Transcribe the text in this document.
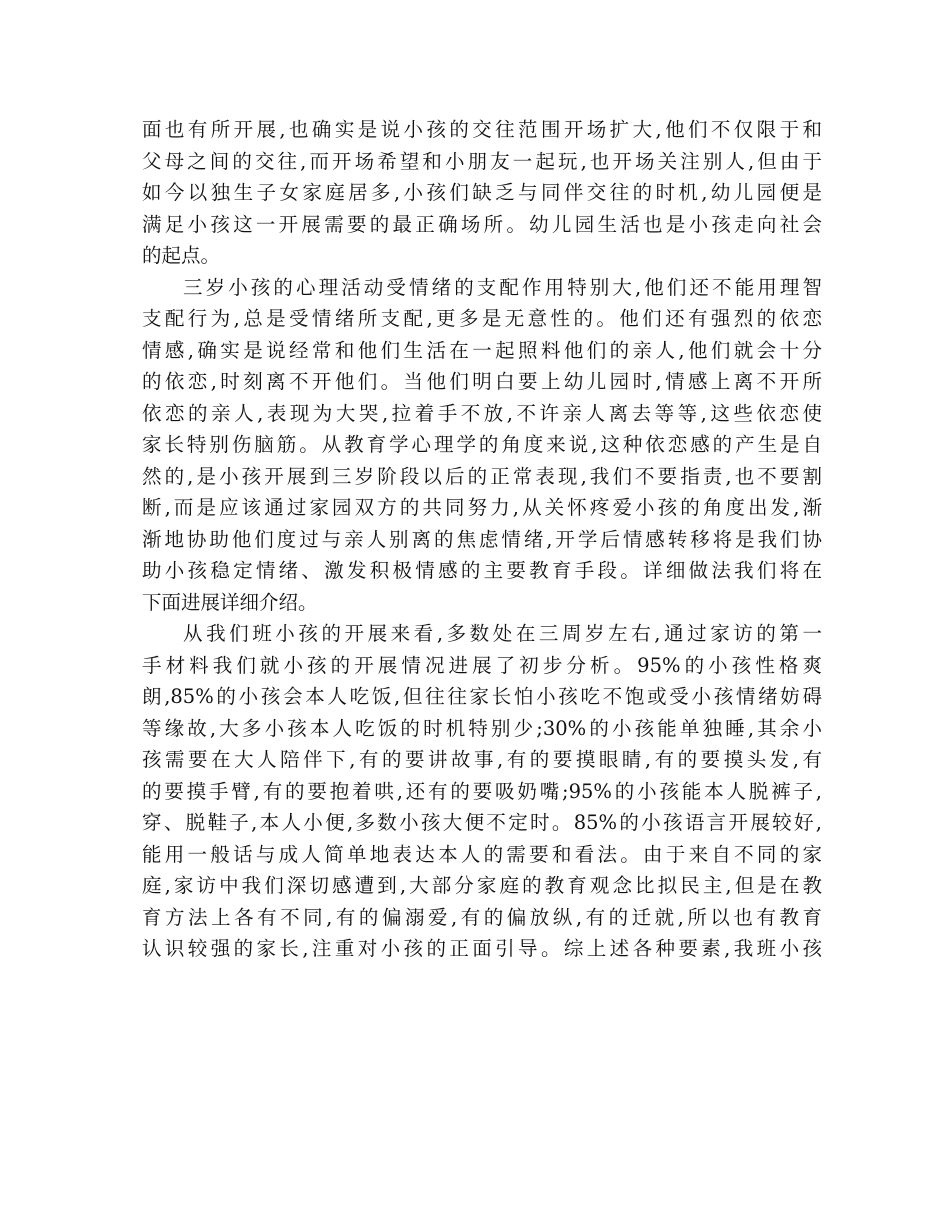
面也有所开展,也确实是说小孩的交往范围开场扩大,他们不仅限于和
父母之间的交往,而开场希望和小朋友一起玩,也开场关注别人,但由于
如今以独生子女家庭居多,小孩们缺乏与同伴交往的时机,幼儿园便是
满足小孩这一开展需要的最正确场所。幼儿园生活也是小孩走向社会
的起点。
三岁小孩的心理活动受情绪的支配作用特别大,他们还不能用理智
支配行为,总是受情绪所支配,更多是无意性的。他们还有强烈的依恋
情感,确实是说经常和他们生活在一起照料他们的亲人,他们就会十分
的依恋,时刻离不开他们。当他们明白要上幼儿园时,情感上离不开所
依恋的亲人,表现为大哭,拉着手不放,不许亲人离去等等,这些依恋使
家长特别伤脑筋。从教育学心理学的角度来说,这种依恋感的产生是自
然的,是小孩开展到三岁阶段以后的正常表现,我们不要指责,也不要割
断,而是应该通过家园双方的共同努力,从关怀疼爱小孩的角度出发,渐
渐地协助他们度过与亲人别离的焦虑情绪,开学后情感转移将是我们协
助小孩稳定情绪、激发积极情感的主要教育手段。详细做法我们将在
下面进展详细介绍。
从我们班小孩的开展来看,多数处在三周岁左右,通过家访的第一
手材料我们就小孩的开展情况进展了初步分析。95%的小孩性格爽
朗,85%的小孩会本人吃饭,但往往家长怕小孩吃不饱或受小孩情绪妨碍
等缘故,大多小孩本人吃饭的时机特别少;30%的小孩能单独睡,其余小
孩需要在大人陪伴下,有的要讲故事,有的要摸眼睛,有的要摸头发,有
的要摸手臂,有的要抱着哄,还有的要吸奶嘴;95%的小孩能本人脱裤子,
穿、脱鞋子,本人小便,多数小孩大便不定时。85%的小孩语言开展较好,
能用一般话与成人简单地表达本人的需要和看法。由于来自不同的家
庭,家访中我们深切感遭到,大部分家庭的教育观念比拟民主,但是在教
育方法上各有不同,有的偏溺爱,有的偏放纵,有的迁就,所以也有教育
认识较强的家长,注重对小孩的正面引导。综上述各种要素,我班小孩
